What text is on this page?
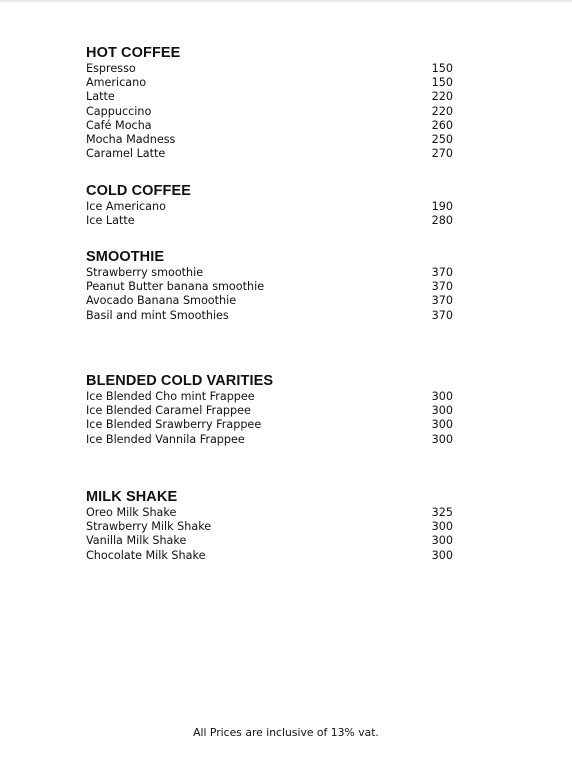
HOT COFFEE
Espresso	150
Americano	150
Latte	220
Cappuccino	220
Café Mocha	260
Mocha Madness	250
Caramel Latte	270
COLD COFFEE
Ice Americano	190
Ice Latte	280
SMOOTHIE
Strawberry smoothie	370
Peanut Butter banana smoothie	370
Avocado Banana Smoothie	370
Basil and mint Smoothies	370
BLENDED COLD VARITIES
Ice Blended Cho mint Frappee	300
Ice Blended Caramel Frappee	300
Ice Blended Srawberry Frappee	300
Ice Blended Vannila Frappee	300
MILK SHAKE
Oreo Milk Shake	325
Strawberry Milk Shake	300
Vanilla Milk Shake	300
Chocolate Milk Shake	300
All Prices are inclusive of 13% vat.
